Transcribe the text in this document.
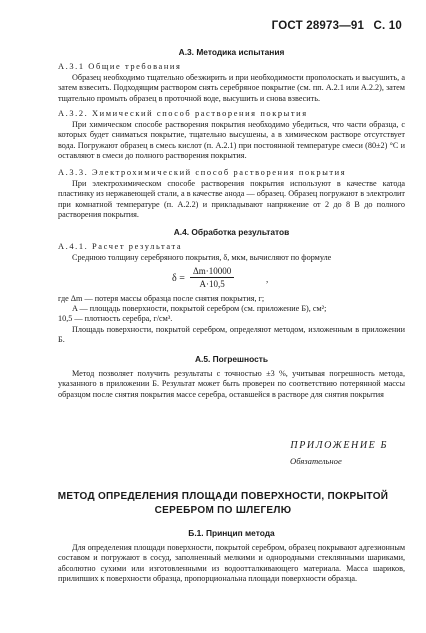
ГОСТ 28973—91 С. 10
А.3. Методика испытания
А.3.1 Общие требования
Образец необходимо тщательно обезжирить и при необходимости прополоскать и высушить, а затем взвесить. Подходящим раствором снять серебряное покрытие (см. пп. А.2.1 или А.2.2), затем тщательно промыть образец в проточной воде, высушить и снова взвесить.
А.3.2. Химический способ растворения покрытия
При химическом способе растворения покрытия необходимо убедиться, что части образца, с которых будет сниматься покрытие, тщательно высушены, а в химическом растворе отсутствует вода. Погружают образец в смесь кислот (п. А.2.1) при постоянной температуре смеси (80±2) °С и оставляют в смеси до полного растворения покрытия.
А.3.3. Электрохимический способ растворения покрытия
При электрохимическом способе растворения покрытия используют в качестве катода пластинку из нержавеющей стали, а в качестве анода — образец. Образец погружают в электролит при комнатной температуре (п. А.2.2) и прикладывают напряжение от 2 до 8 В до полного растворения покрытия.
А.4. Обработка результатов
А.4.1. Расчет результата
Среднюю толщину серебряного покрытия, δ, мкм, вычисляют по формуле
δ =
Δm·10000
A·10,5	,
где Δm — потеря массы образца после снятия покрытия, г;
A — площадь поверхности, покрытой серебром (см. приложение Б), см²;
10,5 — плотность серебра, г/см³.
Площадь поверхности, покрытой серебром, определяют методом, изложенным в приложении Б.
А.5. Погрешность
Метод позволяет получить результаты с точностью ±3 %, учитывая погрешность метода, указанного в приложении Б. Результат может быть проверен по соответствию потерянной массы образцом после снятия покрытия массе серебра, оставшейся в растворе для снятия покрытия
ПРИЛОЖЕНИЕ Б
Обязательное
МЕТОД ОПРЕДЕЛЕНИЯ ПЛОЩАДИ ПОВЕРХНОСТИ, ПОКРЫТОЙ
СЕРЕБРОМ ПО ШЛЕГЕЛЮ
Б.1. Принцип метода
Для определения площади поверхности, покрытой серебром, образец покрывают адгезионным составом и погружают в сосуд, заполненный мелкими и однородными стеклянными шариками, абсолютно сухими или изготовленными из водоотталкивающего материала. Масса шариков, прилипших к поверхности образца, пропорциональна площади поверхности образца.
